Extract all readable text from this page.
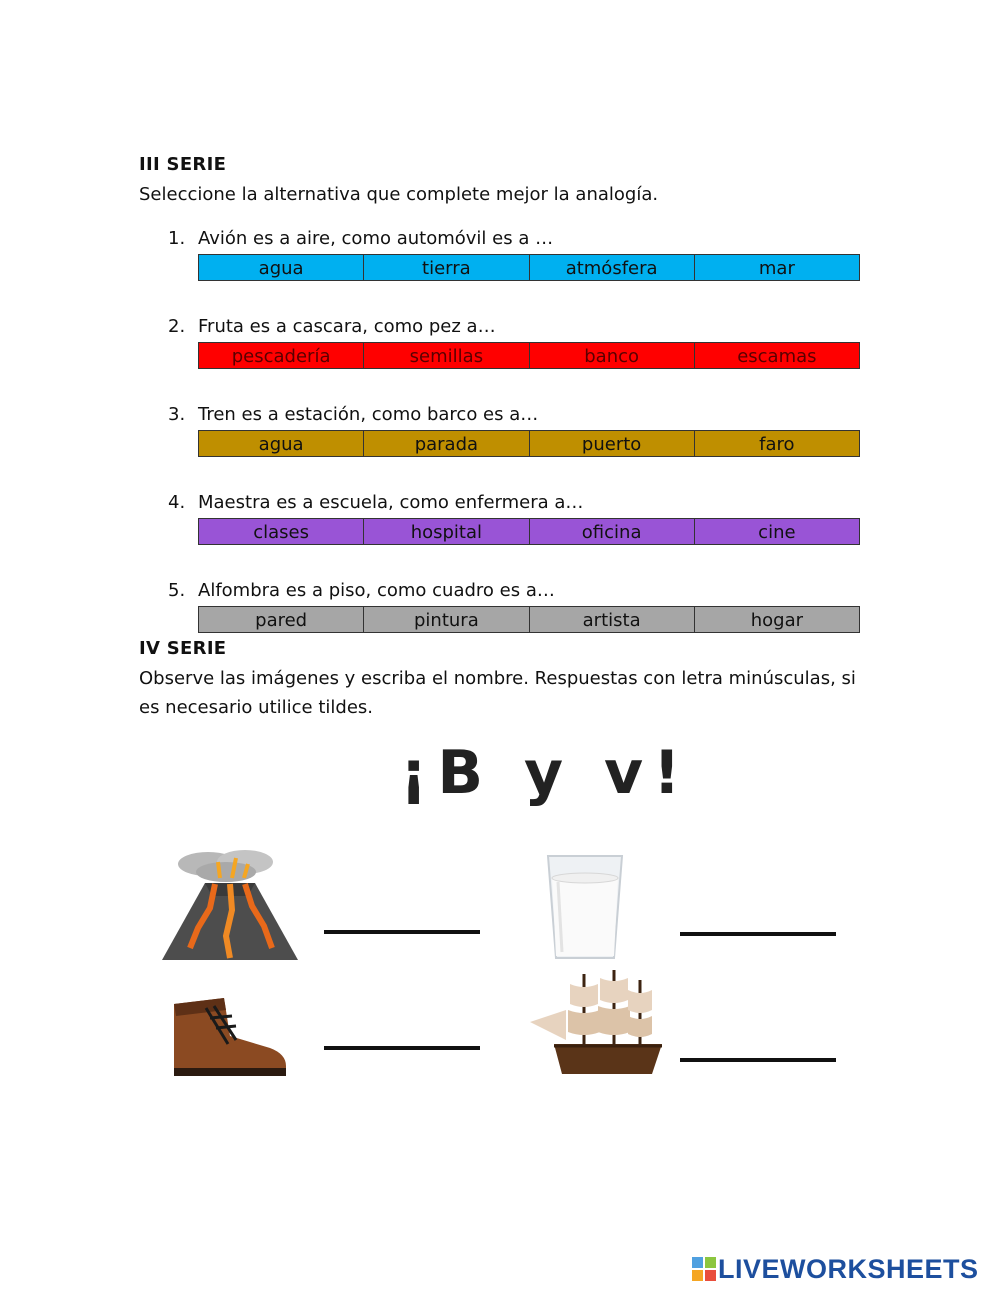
III SERIE
Seleccione la alternativa que complete mejor la analogía.
1. Avión es a aire, como automóvil es a …
agua	tierra	atmósfera	mar
2. Fruta es a cascara, como pez a…
pescadería	semillas	banco	escamas
3. Tren es a estación, como barco es a…
agua	parada	puerto	faro
4. Maestra es a escuela, como enfermera a…
clases	hospital	oficina	cine
5. Alfombra es a piso, como cuadro es a…
pared	pintura	artista	hogar
IV SERIE
Observe las imágenes y escriba el nombre. Respuestas con letra minúsculas, si
es necesario utilice tildes.
¡B y v!
LIVEWORKSHEETS
